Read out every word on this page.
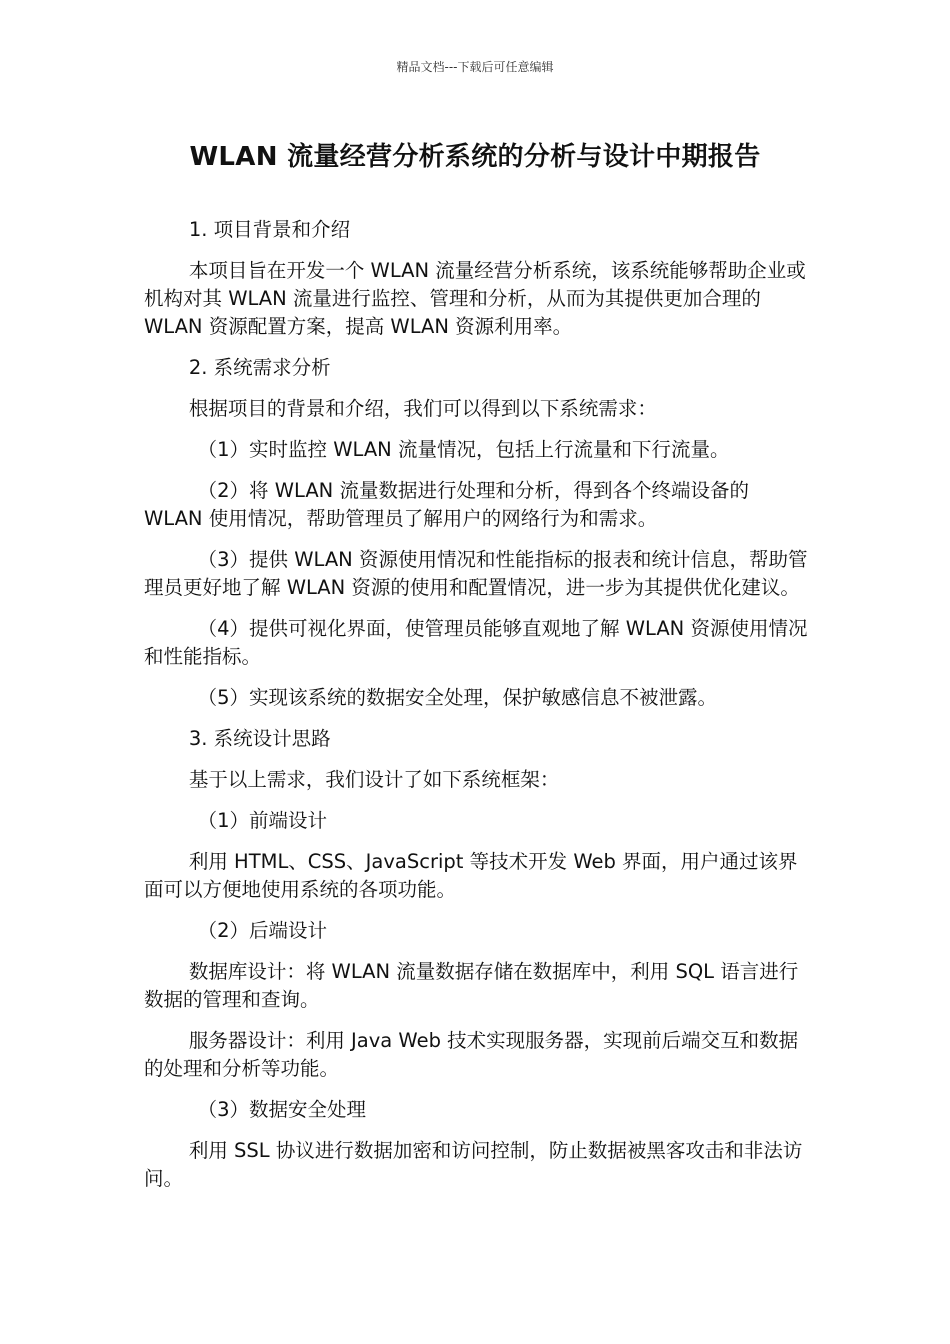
精品文档---下载后可任意编辑
WLAN 流量经营分析系统的分析与设计中期报告

1. 项目背景和介绍

本项目旨在开发一个 WLAN 流量经营分析系统，该系统能够帮助企业或机构对其 WLAN 流量进行监控、管理和分析，从而为其提供更加合理的 WLAN 资源配置方案，提高 WLAN 资源利用率。

2. 系统需求分析

根据项目的背景和介绍，我们可以得到以下系统需求：

（1）实时监控 WLAN 流量情况，包括上行流量和下行流量。

（2）将 WLAN 流量数据进行处理和分析，得到各个终端设备的 WLAN 使用情况，帮助管理员了解用户的网络行为和需求。

（3）提供 WLAN 资源使用情况和性能指标的报表和统计信息，帮助管理员更好地了解 WLAN 资源的使用和配置情况，进一步为其提供优化建议。

（4）提供可视化界面，使管理员能够直观地了解 WLAN 资源使用情况和性能指标。

（5）实现该系统的数据安全处理，保护敏感信息不被泄露。

3. 系统设计思路

基于以上需求，我们设计了如下系统框架：

（1）前端设计

利用 HTML、CSS、JavaScript 等技术开发 Web 界面，用户通过该界面可以方便地使用系统的各项功能。

（2）后端设计

数据库设计：将 WLAN 流量数据存储在数据库中，利用 SQL 语言进行数据的管理和查询。

服务器设计：利用 Java Web 技术实现服务器，实现前后端交互和数据的处理和分析等功能。

（3）数据安全处理

利用 SSL 协议进行数据加密和访问控制，防止数据被黑客攻击和非法访问。
